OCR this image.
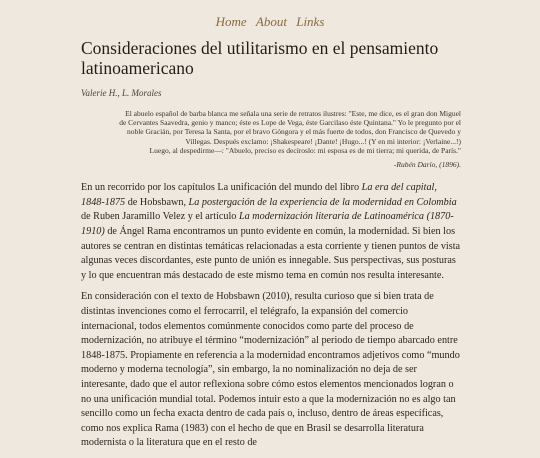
Home About Links
Consideraciones del utilitarismo en el pensamiento latinoamericano
Valerie H., L. Morales
El abuelo español de barba blanca me señala una serie de retratos ilustres: "Este, me dice, es el gran don Miguel
de Cervantes Saavedra, genio y manco; éste es Lope de Vega, éste Garcilaso éste Quintana." Yo le pregunto por el
noble Gracián, por Teresa la Santa, por el bravo Góngora y el más fuerte de todos, don Francisco de Quevedo y
Villegas. Después exclamo: ¡Shakespeare! ¡Dante! ¡Hugo...! (Y en mi interior: ¡Verlaine...!)
Luego, al despedirme—: "Abuelo, preciso es decíroslo: mi esposa es de mi tierra; mi querida, de París."
-Rubén Darío, (1896).

En un recorrido por los capítulos La unificación del mundo del libro La era del capital, 1848-1875 de Hobsbawn, La postergación de la experiencia de la modernidad en Colombia de Ruben Jaramillo Velez y el artículo La modernización literaria de Latinoamérica (1870-1910) de Ángel Rama encontramos un punto evidente en común, la modernidad. Si bien los autores se centran en distintas temáticas relacionadas a esta corriente y tienen puntos de vista algunas veces discordantes, este punto de unión es innegable. Sus perspectivas, sus posturas y lo que encuentran más destacado de este mismo tema en común nos resulta interesante.

En consideración con el texto de Hobsbawn (2010), resulta curioso que si bien trata de distintas invenciones como el ferrocarril, el telégrafo, la expansión del comercio internacional, todos elementos comúnmente conocidos como parte del proceso de modernización, no atribuye el término “modernización” al periodo de tiempo abarcado entre 1848-1875. Propiamente en referencia a la modernidad encontramos adjetivos como “mundo moderno y moderna tecnología”, sin embargo, la no nominalización no deja de ser interesante, dado que el autor reflexiona sobre cómo estos elementos mencionados logran o no una unificación mundial total. Podemos intuir esto a que la modernización no es algo tan sencillo como un fecha exacta dentro de cada país o, incluso, dentro de áreas específicas, como nos explica Rama (1983) con el hecho de que en Brasil se desarrolla literatura modernista o la literatura que en el resto de
